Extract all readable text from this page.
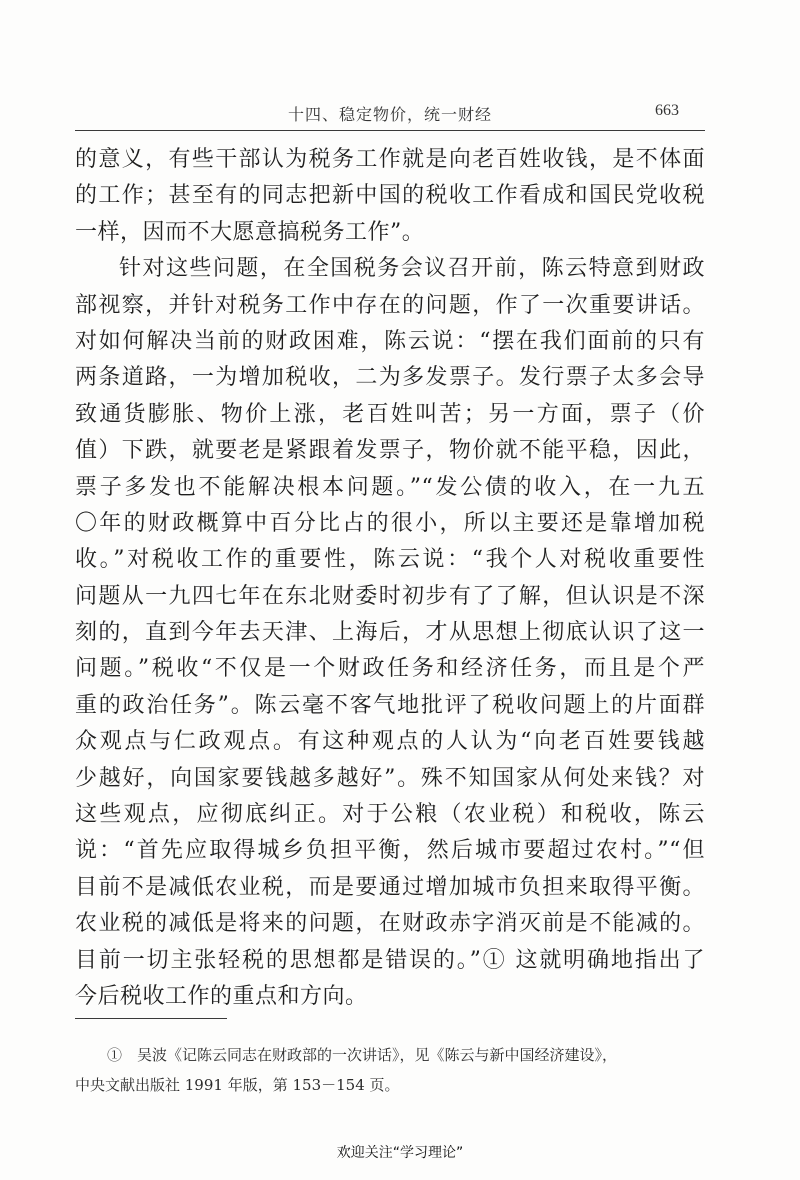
十四、稳定物价，统一财经	663
的意义，有些干部认为税务工作就是向老百姓收钱，是不体面
的工作；甚至有的同志把新中国的税收工作看成和国民党收税
一样，因而不大愿意搞税务工作”。
针对这些问题，在全国税务会议召开前，陈云特意到财政
部视察，并针对税务工作中存在的问题，作了一次重要讲话。
对如何解决当前的财政困难，陈云说：“摆在我们面前的只有
两条道路，一为增加税收，二为多发票子。发行票子太多会导
致通货膨胀、物价上涨，老百姓叫苦；另一方面，票子（价
值）下跌，就要老是紧跟着发票子，物价就不能平稳，因此，
票子多发也不能解决根本问题。”“发公债的收入，在一九五
〇年的财政概算中百分比占的很小，所以主要还是靠增加税
收。”对税收工作的重要性，陈云说：“我个人对税收重要性
问题从一九四七年在东北财委时初步有了了解，但认识是不深
刻的，直到今年去天津、上海后，才从思想上彻底认识了这一
问题。”税收“不仅是一个财政任务和经济任务，而且是个严
重的政治任务”。陈云毫不客气地批评了税收问题上的片面群
众观点与仁政观点。有这种观点的人认为“向老百姓要钱越
少越好，向国家要钱越多越好”。殊不知国家从何处来钱？对
这些观点，应彻底纠正。对于公粮（农业税）和税收，陈云
说：“首先应取得城乡负担平衡，然后城市要超过农村。”“但
目前不是减低农业税，而是要通过增加城市负担来取得平衡。
农业税的减低是将来的问题，在财政赤字消灭前是不能减的。
目前一切主张轻税的思想都是错误的。”① 这就明确地指出了
今后税收工作的重点和方向。
①　吴波《记陈云同志在财政部的一次讲话》，见《陈云与新中国经济建设》，
中央文献出版社 1991 年版，第 153－154 页。
欢迎关注“学习理论”
